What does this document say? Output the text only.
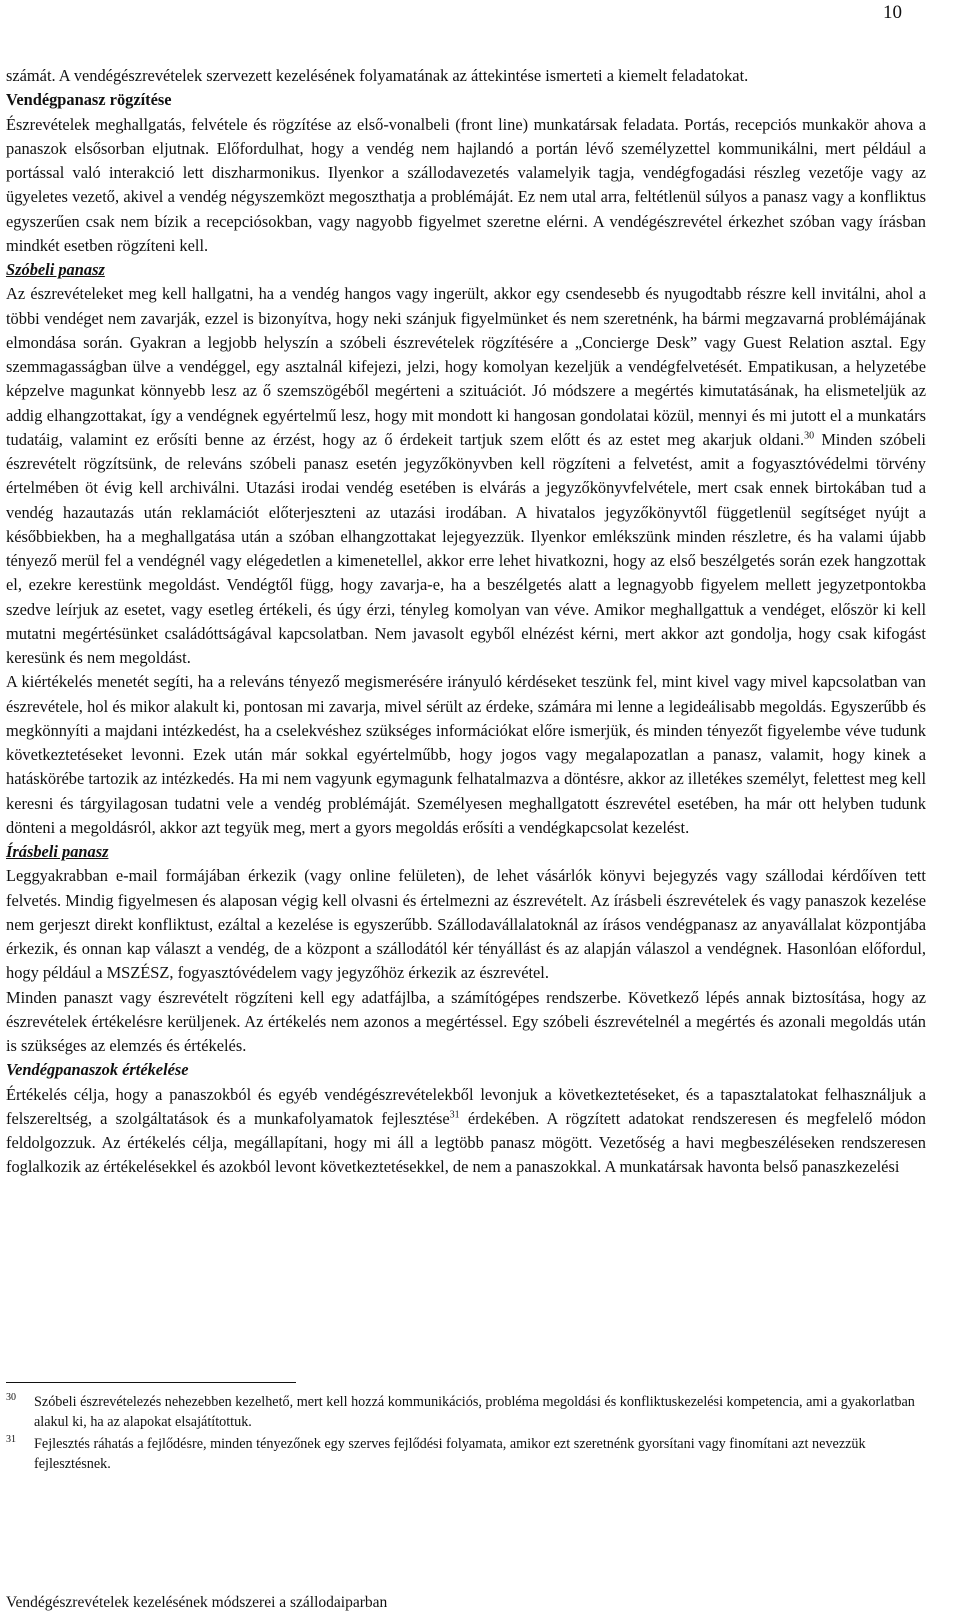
10

számát. A vendégészrevételek szervezett kezelésének folyamatának az áttekintése ismerteti a kiemelt feladatokat.

Vendégpanasz rögzítése

Észrevételek meghallgatás, felvétele és rögzítése az első-vonalbeli (front line) munkatársak feladata. Portás, recepciós munkakör ahova a panaszok elsősorban eljutnak. Előfordulhat, hogy a vendég nem hajlandó a portán lévő személyzettel kommunikálni, mert például a portással való interakció lett diszharmonikus. Ilyenkor a szállodavezetés valamelyik tagja, vendégfogadási részleg vezetője vagy az ügyeletes vezető, akivel a vendég négyszemközt megoszthatja a problémáját. Ez nem utal arra, feltétlenül súlyos a panasz vagy a konfliktus egyszerűen csak nem bízik a recepciósokban, vagy nagyobb figyelmet szeretne elérni. A vendégészrevétel érkezhet szóban vagy írásban mindkét esetben rögzíteni kell.

Szóbeli panasz

Az észrevételeket meg kell hallgatni, ha a vendég hangos vagy ingerült, akkor egy csendesebb és nyugodtabb részre kell invitálni, ahol a többi vendéget nem zavarják, ezzel is bizonyítva, hogy neki szánjuk figyelmünket és nem szeretnénk, ha bármi megzavarná problémájának elmondása során. Gyakran a legjobb helyszín a szóbeli észrevételek rögzítésére a „Concierge Desk” vagy Guest Relation asztal. Egy szemmagasságban ülve a vendéggel, egy asztalnál kifejezi, jelzi, hogy komolyan kezeljük a vendégfelvetését. Empatikusan, a helyzetébe képzelve magunkat könnyebb lesz az ő szemszögéből megérteni a szituációt. Jó módszere a megértés kimutatásának, ha elismeteljük az addig elhangzottakat, így a vendégnek egyértelmű lesz, hogy mit mondott ki hangosan gondolatai közül, mennyi és mi jutott el a munkatárs tudatáig, valamint ez erősíti benne az érzést, hogy az ő érdekeit tartjuk szem előtt és az estet meg akarjuk oldani.$^{30}$ Minden szóbeli észrevételt rögzítsünk, de releváns szóbeli panasz esetén jegyzőkönyvben kell rögzíteni a felvetést, amit a fogyasztóvédelmi törvény értelmében öt évig kell archiválni. Utazási irodai vendég esetében is elvárás a jegyzőkönyvfelvétele, mert csak ennek birtokában tud a vendég hazautazás után reklamációt előterjeszteni az utazási irodában. A hivatalos jegyzőkönyvtől függetlenül segítséget nyújt a későbbiekben, ha a meghallgatása után a szóban elhangzottakat lejegyezzük. Ilyenkor emlékszünk minden részletre, és ha valami újabb tényező merül fel a vendégnél vagy elégedetlen a kimenetellel, akkor erre lehet hivatkozni, hogy az első beszélgetés során ezek hangzottak el, ezekre kerestünk megoldást. Vendégtől függ, hogy zavarja-e, ha a beszélgetés alatt a legnagyobb figyelem mellett jegyzetpontokba szedve leírjuk az esetet, vagy esetleg értékeli, és úgy érzi, tényleg komolyan van véve. Amikor meghallgattuk a vendéget, először ki kell mutatni megértésünket családóttságával kapcsolatban. Nem javasolt egyből elnézést kérni, mert akkor azt gondolja, hogy csak kifogást keresünk és nem megoldást.

A kiértékelés menetét segíti, ha a releváns tényező megismerésére irányuló kérdéseket teszünk fel, mint kivel vagy mivel kapcsolatban van észrevétele, hol és mikor alakult ki, pontosan mi zavarja, mivel sérült az érdeke, számára mi lenne a legideálisabb megoldás. Egyszerűbb és megkönnyíti a majdani intézkedést, ha a cselekvéshez szükséges információkat előre ismerjük, és minden tényezőt figyelembe véve tudunk következtetéseket levonni. Ezek után már sokkal egyértelműbb, hogy jogos vagy megalapozatlan a panasz, valamit, hogy kinek a hatáskörébe tartozik az intézkedés. Ha mi nem vagyunk egymagunk felhatalmazva a döntésre, akkor az illetékes személyt, felettest meg kell keresni és tárgyilagosan tudatni vele a vendég problémáját. Személyesen meghallgatott észrevétel esetében, ha már ott helyben tudunk dönteni a megoldásról, akkor azt tegyük meg, mert a gyors megoldás erősíti a vendégkapcsolat kezelést.

Írásbeli panasz

Leggyakrabban e-mail formájában érkezik (vagy online felületen), de lehet vásárlók könyvi bejegyzés vagy szállodai kérdőíven tett felvetés. Mindig figyelmesen és alaposan végig kell olvasni és értelmezni az észrevételt. Az írásbeli észrevételek és vagy panaszok kezelése nem gerjeszt direkt konfliktust, ezáltal a kezelése is egyszerűbb. Szállodavállalatoknál az írásos vendégpanasz az anyavállalat központjába érkezik, és onnan kap választ a vendég, de a központ a szállodától kér tényállást és az alapján válaszol a vendégnek. Hasonlóan előfordul, hogy például a MSZÉSZ, fogyasztóvédelem vagy jegyzőhöz érkezik az észrevétel.

Minden panaszt vagy észrevételt rögzíteni kell egy adatfájlba, a számítógépes rendszerbe. Következő lépés annak biztosítása, hogy az észrevételek értékelésre kerüljenek. Az értékelés nem azonos a megértéssel. Egy szóbeli észrevételnél a megértés és azonali megoldás után is szükséges az elemzés és értékelés.

Vendégpanaszok értékelése

Értékelés célja, hogy a panaszokból és egyéb vendégészrevételekből levonjuk a következtetéseket, és a tapasztalatokat felhasználjuk a felszereltség, a szolgáltatások és a munkafolyamatok fejlesztése$^{31}$ érdekében. A rögzített adatokat rendszeresen és megfelelő módon feldolgozzuk. Az értékelés célja, megállapítani, hogy mi áll a legtöbb panasz mögött. Vezetőség a havi megbeszéléseken rendszeresen foglalkozik az értékelésekkel és azokból levont következtetésekkel, de nem a panaszokkal. A munkatársak havonta belső panaszkezelési

30 Szóbeli észrevételezés nehezebben kezelhető, mert kell hozzá kommunikációs, probléma megoldási és konfliktuskezelési kompetencia, ami a gyakorlatban alakul ki, ha az alapokat elsajátítottuk.

31 Fejlesztés ráhatás a fejlődésre, minden tényezőnek egy szerves fejlődési folyamata, amikor ezt szeretnénk gyorsítani vagy finomítani azt nevezzük fejlesztésnek.

Vendégészrevételek kezelésének módszerei a szállodaiparban
